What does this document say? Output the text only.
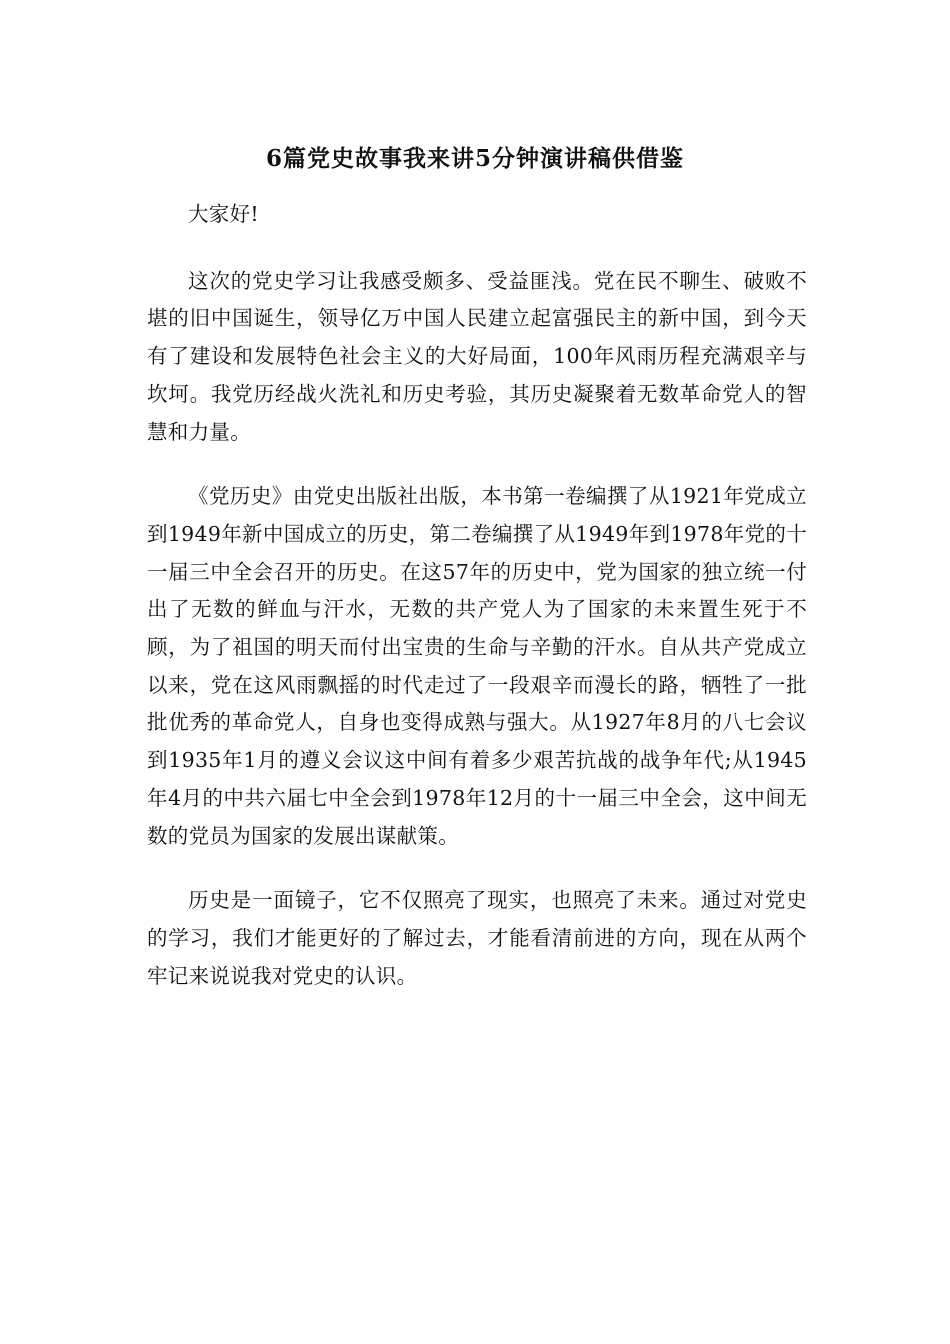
6篇党史故事我来讲5分钟演讲稿供借鉴

大家好!

这次的党史学习让我感受颇多、受益匪浅。党在民不聊生、破败不堪的旧中国诞生，领导亿万中国人民建立起富强民主的新中国，到今天有了建设和发展特色社会主义的大好局面，100年风雨历程充满艰辛与坎坷。我党历经战火洗礼和历史考验，其历史凝聚着无数革命党人的智慧和力量。

《党历史》由党史出版社出版，本书第一卷编撰了从1921年党成立到1949年新中国成立的历史，第二卷编撰了从1949年到1978年党的十一届三中全会召开的历史。在这57年的历史中，党为国家的独立统一付出了无数的鲜血与汗水，无数的共产党人为了国家的未来置生死于不顾，为了祖国的明天而付出宝贵的生命与辛勤的汗水。自从共产党成立以来，党在这风雨飘摇的时代走过了一段艰辛而漫长的路，牺牲了一批批优秀的革命党人，自身也变得成熟与强大。从1927年8月的八七会议到1935年1月的遵义会议这中间有着多少艰苦抗战的战争年代;从1945年4月的中共六届七中全会到1978年12月的十一届三中全会，这中间无数的党员为国家的发展出谋献策。

历史是一面镜子，它不仅照亮了现实，也照亮了未来。通过对党史的学习，我们才能更好的了解过去，才能看清前进的方向，现在从两个牢记来说说我对党史的认识。
